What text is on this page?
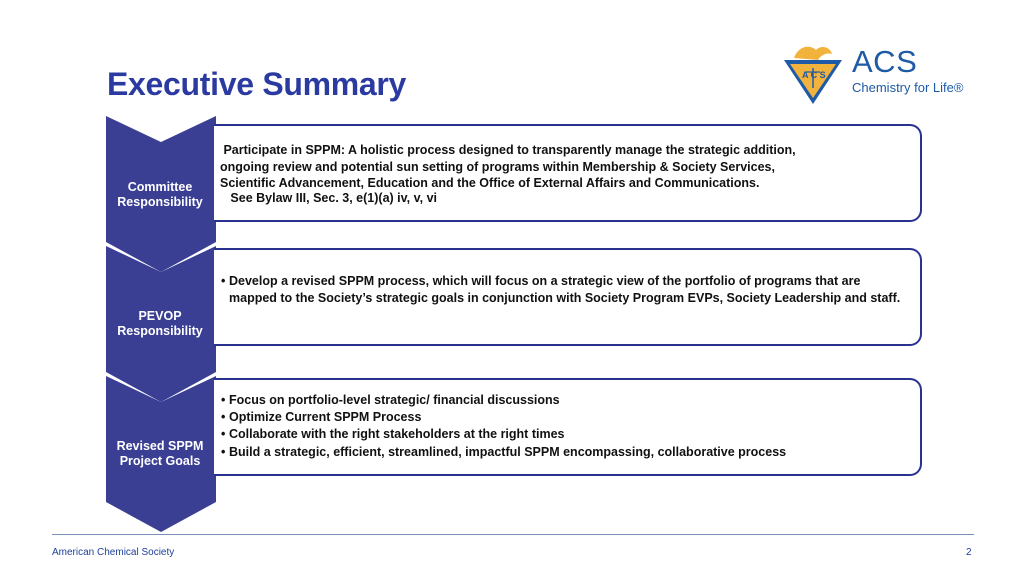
Executive Summary	A C S ACS
Chemistry for Life®
Committee
Responsibility
Participate in SPPM: A holistic process designed to transparently manage the strategic addition,
ongoing review and potential sun setting of programs within Membership & Society Services,
Scientific Advancement, Education and the Office of External Affairs and Communications.
See Bylaw III, Sec. 3, e(1)(a) iv, v, vi
PEVOP
Responsibility
• Develop a revised SPPM process, which will focus on a strategic view of the portfolio of programs that are mapped to the Society’s strategic goals in conjunction with Society Program EVPs, Society Leadership and staff.
Revised SPPM
Project Goals
• Focus on portfolio-level strategic/ financial discussions
• Optimize Current SPPM Process
• Collaborate with the right stakeholders at the right times
• Build a strategic, efficient, streamlined, impactful SPPM encompassing, collaborative process
American Chemical Society	2
